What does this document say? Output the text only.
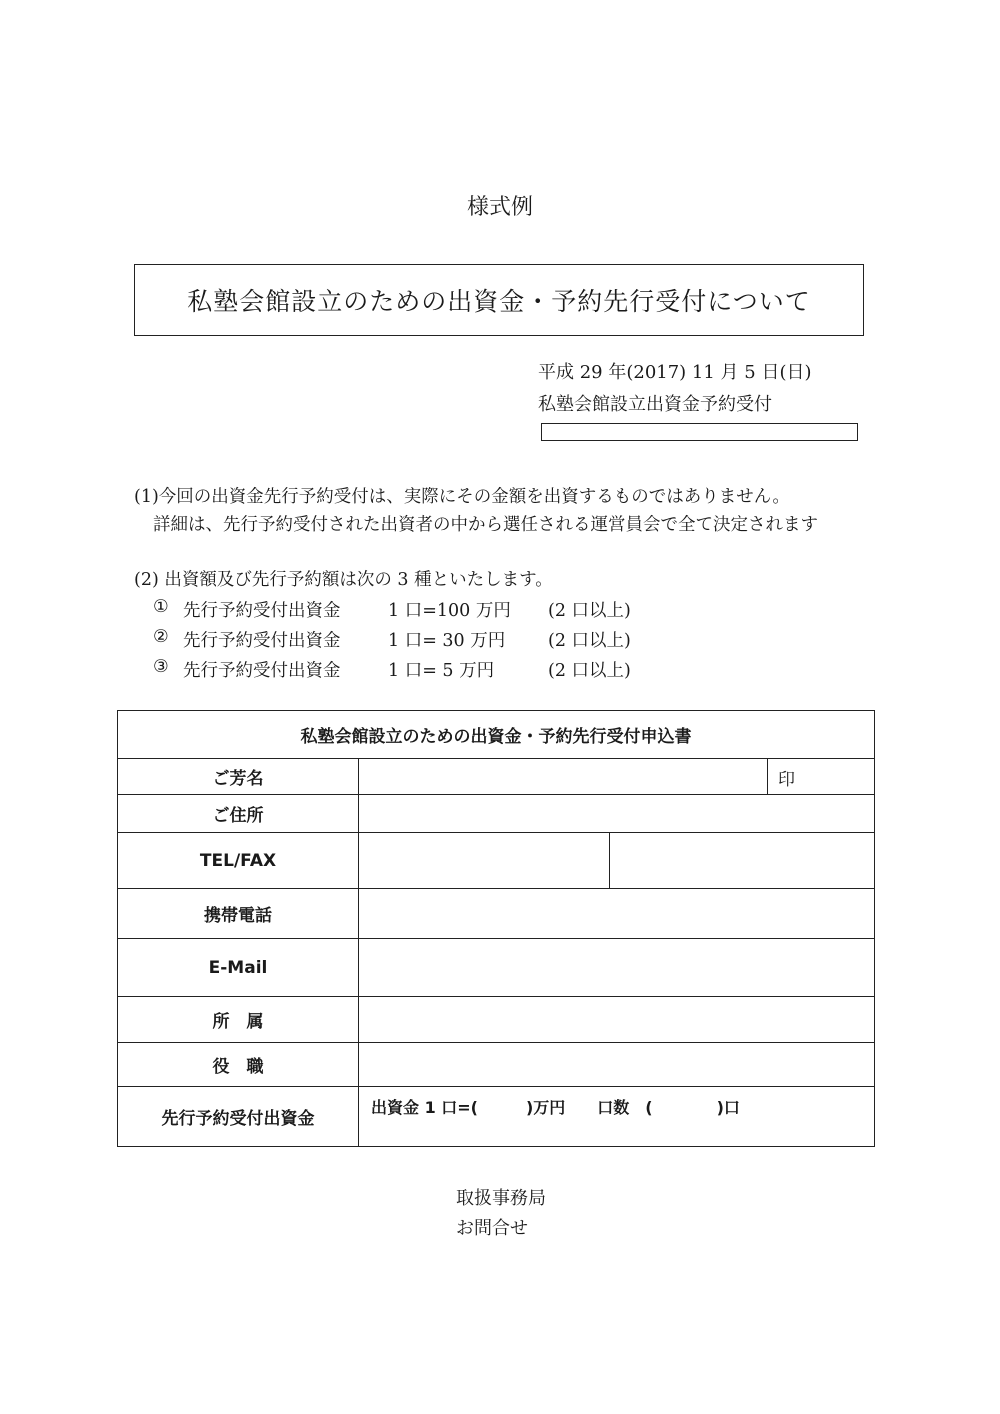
様式例
私塾会館設立のための出資金・予約先行受付について
平成 29 年(2017) 11 月 5 日(日)
私塾会館設立出資金予約受付
(1)今回の出資金先行予約受付は、実際にその金額を出資するものではありません。
詳細は、先行予約受付された出資者の中から選任される運営員会で全て決定されます
(2) 出資額及び先行予約額は次の 3 種といたします。
① 先行予約受付出資金	1 口=100 万円	(2 口以上)
② 先行予約受付出資金	1 口= 30 万円	(2 口以上)
③ 先行予約受付出資金	1 口= 5 万円	(2 口以上)
私塾会館設立のための出資金・予約先行受付申込書			
ご芳名			印
ご住所			
TEL/FAX			
携帯電話			
E-Mail			
所　属			
役　職			
先行予約受付出資金	出資金 1 口=(　　　)万円　　口数　(　　　　)口		
取扱事務局
お問合せ
